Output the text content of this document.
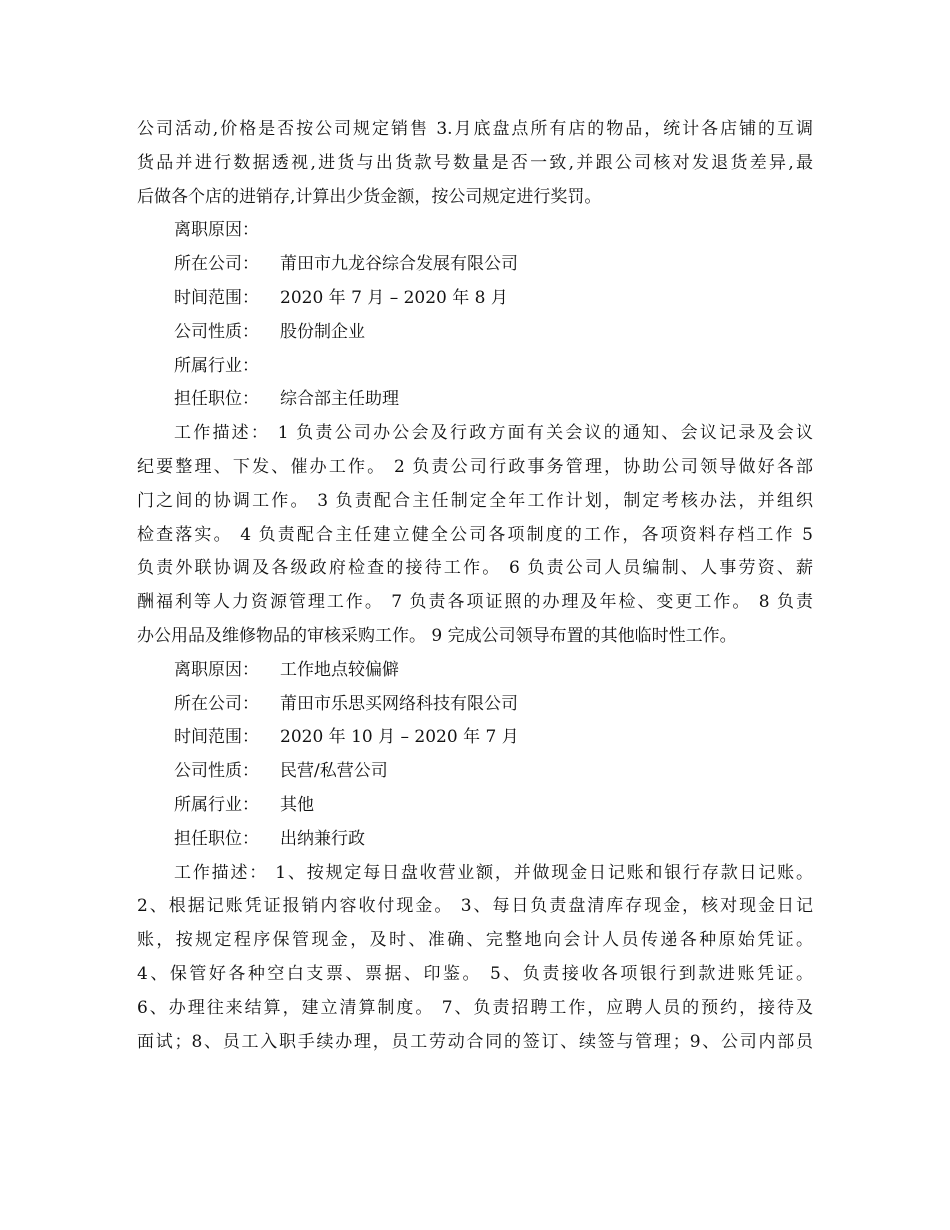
公司活动,价格是否按公司规定销售 3.月底盘点所有店的物品，统计各店铺的互调
货品并进行数据透视,进货与出货款号数量是否一致,并跟公司核对发退货差异,最
后做各个店的进销存,计算出少货金额，按公司规定进行奖罚。
离职原因：
所在公司：	莆田市九龙谷综合发展有限公司
时间范围：	2020 年 7 月 – 2020 年 8 月
公司性质：	股份制企业
所属行业：
担任职位：	综合部主任助理
工作描述： 1 负责公司办公会及行政方面有关会议的通知、会议记录及会议
纪要整理、下发、催办工作。 2 负责公司行政事务管理，协助公司领导做好各部
门之间的协调工作。 3 负责配合主任制定全年工作计划，制定考核办法，并组织
检查落实。 4 负责配合主任建立健全公司各项制度的工作，各项资料存档工作 5
负责外联协调及各级政府检查的接待工作。 6 负责公司人员编制、人事劳资、薪
酬福利等人力资源管理工作。 7 负责各项证照的办理及年检、变更工作。 8 负责
办公用品及维修物品的审核采购工作。 9 完成公司领导布置的其他临时性工作。
离职原因：	工作地点较偏僻
所在公司：	莆田市乐思买网络科技有限公司
时间范围：	2020 年 10 月 – 2020 年 7 月
公司性质：	民营/私营公司
所属行业：	其他
担任职位：	出纳兼行政
工作描述： 1、按规定每日盘收营业额，并做现金日记账和银行存款日记账。
2、根据记账凭证报销内容收付现金。 3、每日负责盘清库存现金，核对现金日记
账，按规定程序保管现金，及时、准确、完整地向会计人员传递各种原始凭证。
4、保管好各种空白支票、票据、印鉴。 5、负责接收各项银行到款进账凭证。
6、办理往来结算，建立清算制度。 7、负责招聘工作，应聘人员的预约，接待及
面试；8、员工入职手续办理，员工劳动合同的签订、续签与管理；9、公司内部员
